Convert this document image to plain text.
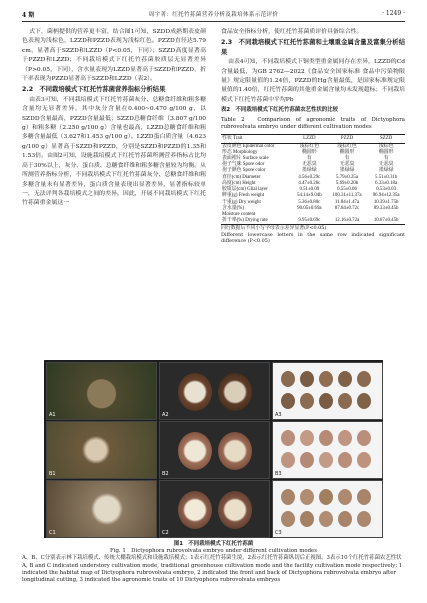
4 期	周宇菁：红托竹荪菌营养分析及栽培体系示范评价	· 1249 ·

式下，菌柄提供的营养更丰富，结合图1可知，SZDD成熟期表皮颜色表现为浅棕色，LZZD和PZZD表现为浅棕红色。PZZD直径达5.79 cm，显著高于SZZD和LZZD（P<0.05，下同）；SZZD高度显著高于PZZD和LZZD；不同栽培模式下红托竹荪菌胶质层无显著差异（P>0.05，下同），含水量表现为LZZD显著高于SZZD和PZZD，折干率表现为PZZD显著高于SZZD和LZZD（表2）。

2.2　不同栽培模式下红托竹荪菌营养指标分析结果

由表3可知，不同栽培模式下红托竹荪菌灰分、总糖食纤维和粗多糖含量均无显著差异，其中灰分含量在0.400~0.470 g/100 g，以SZDD含量最高，PZZD含量最低；SZZD总糖食纤维（3.807 g/100 g）和粗多糖（2.250 g/100 g）含量也最高，LZZD总糖食纤维和粗多糖含量最低（3.627和1.453 g/100 g）。LZZD蛋白质含量（4.623 g/100 g）显著高于SZZD和PZZD，分别是SZZD和PZZD的1.35和1.53倍。由图2可知，设施栽培模式下红托竹荪菌所测营养指标占比均高于30%以上，灰分、蛋白质、总糖食纤维和粗多糖含量较为均衡。从所测营养指标分析，不同栽培模式下红托竹荪菌灰分、总糖食纤维和粗多糖含量未有显著差异，蛋白质含量表现出显著差异，显著指标较单一，无法评判各栽培模式之间的差异。因此，开展不同栽培模式下红托竹荪菌重金属这一

食品安全指标分析，使红托竹荪菌质评价具备综合性。

2.3　不同栽培模式下红托竹荪菌和土壤重金属含量及富集分析结果

由表4可知，不同栽培模式下铜类型重金属同存在差异，LZZD的Cd含量最低，为GB 2762—2022《食品安全国家标准 食品中污染物限量》规定限量值的1.24倍，PZZD的Hg含量最低，是国家标准规定限量值的1.40倍，红托竹荪菌的其他重金属含量均未发现超标；不同栽培模式下红托竹荪菌中平均Pb

表2　不同栽培模式下红托竹荪菌农艺性状的比较
Table 2　Comparison of agronomic traits of Dictyophora rubrovolvata embryo under different cultivation modes
性状 Trait	LZZD	PZZD	SZZD
表皮颜色 Epidermal color	浅棕红色	浅棕红色	浅棕色
形态 Morphology	椭圆形	椭圆形	椭圆形
表面褶片 Surface scale	有	有	有
孢子气味 Spore odor	无恶臭	无恶臭	无恶臭
孢子颜色 Spore color	墨绿绿	墨绿绿	墨绿绿
直径(cm) Diameter	4.56±0.29c	5.79±0.25a	5.51±0.31b
高度(cm) Height	4.47±0.26c	5.69±0.20b	6.33±0.18a
胶质层(cm) Glial layer	0.51±0.09	0.55±0.06	0.53±0.03
鲜重(g) Fresh weight	54.14±9.04b	100.31±11.37a	96.94±12.35a
干重(g) Dry weight	5.36±0.80c	11.84±1.47a	10.39±1.75b
含水量(%)	90.05±0.69a	87.84±0.72c	89.33±0.45b
Moisture content			
折干率(%) Drying rate	9.95±0.69c	12.16±0.72a	10.67±0.45b

同行数据后不同小写字母表示差异显著(P<0.05)

Different lowercase letters in the same row indicated significant difference (P<0.05)

A1	A2	A3
B1	B2	B3
C1	C2	C3

图1　不同栽培模式下红托竹荪菌

Fig. 1　Dictyophora rubrovolvata embryo under different cultivation modes

A、B、C分别表示林下栽培模式、传统大棚栽培模式和设施栽培模式；1表示红托竹荪菌生境，2表示红托竹荪菌纵切后正视图，3表示10个红托竹荪菌农艺性状

A, B and C indicated understory cultivation mode, traditional greenhouse cultivation mode and the facility cultivation mode respectively; 1 indicated the habitat map of Dictyophora rubrovolvata embryo, 2 indicated the front and back of Dictyophora rubrovolvata embryo after longitudinal cutting, 3 indicated the agronomic traits of 10 Dictyophora rubrovolvata embryos
